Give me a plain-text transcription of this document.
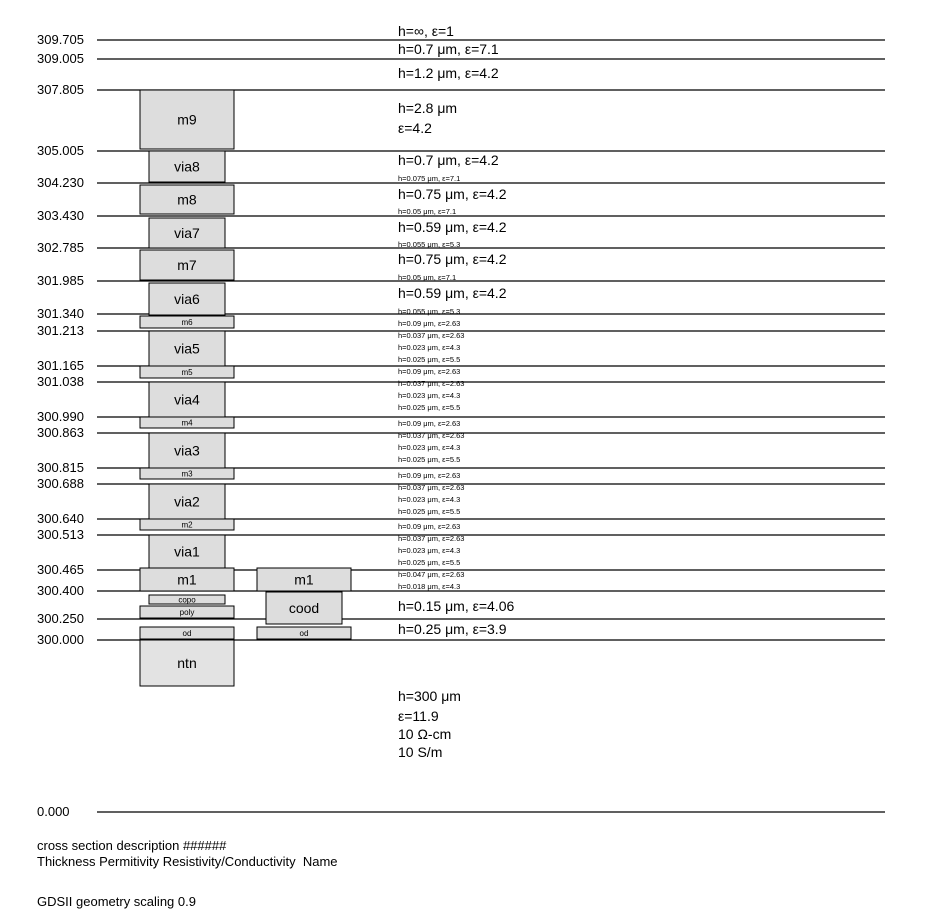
309.705
309.005
307.805
305.005
304.230
303.430
302.785
301.985
301.340
301.213
301.165
301.038
300.990
300.863
300.815
300.688
300.640
300.513
300.465
300.400
300.250
300.000
0.000
m9
via8
m8
via7
m7
via6
m6
via5
m5
via4
m4
via3
m3
via2
m2
via1
m1	m1
copo
poly	cood
od	od
ntn
h=∞, ε=1
h=0.7 μm, ε=7.1
h=1.2 μm, ε=4.2
h=2.8 μm
ε=4.2
h=0.7 μm, ε=4.2
h=0.075 μm, ε=7.1
h=0.75 μm, ε=4.2
h=0.05 μm, ε=7.1
h=0.59 μm, ε=4.2
h=0.055 μm, ε=5.3
h=0.75 μm, ε=4.2
h=0.05 μm, ε=7.1
h=0.59 μm, ε=4.2
h=0.055 μm, ε=5.3
h=0.09 μm, ε=2.63
h=0.037 μm, ε=2.63
h=0.023 μm, ε=4.3
h=0.025 μm, ε=5.5
h=0.09 μm, ε=2.63
h=0.037 μm, ε=2.63
h=0.023 μm, ε=4.3
h=0.025 μm, ε=5.5
h=0.09 μm, ε=2.63
h=0.037 μm, ε=2.63
h=0.023 μm, ε=4.3
h=0.025 μm, ε=5.5
h=0.09 μm, ε=2.63
h=0.037 μm, ε=2.63
h=0.023 μm, ε=4.3
h=0.025 μm, ε=5.5
h=0.09 μm, ε=2.63
h=0.037 μm, ε=2.63
h=0.023 μm, ε=4.3
h=0.025 μm, ε=5.5
h=0.047 μm, ε=2.63
h=0.018 μm, ε=4.3
h=0.15 μm, ε=4.06
h=0.25 μm, ε=3.9
h=300 μm
ε=11.9
10 Ω-cm
10 S/m
cross section description ######
Thickness Permitivity Resistivity/Conductivity  Name
GDSII geometry scaling 0.9
